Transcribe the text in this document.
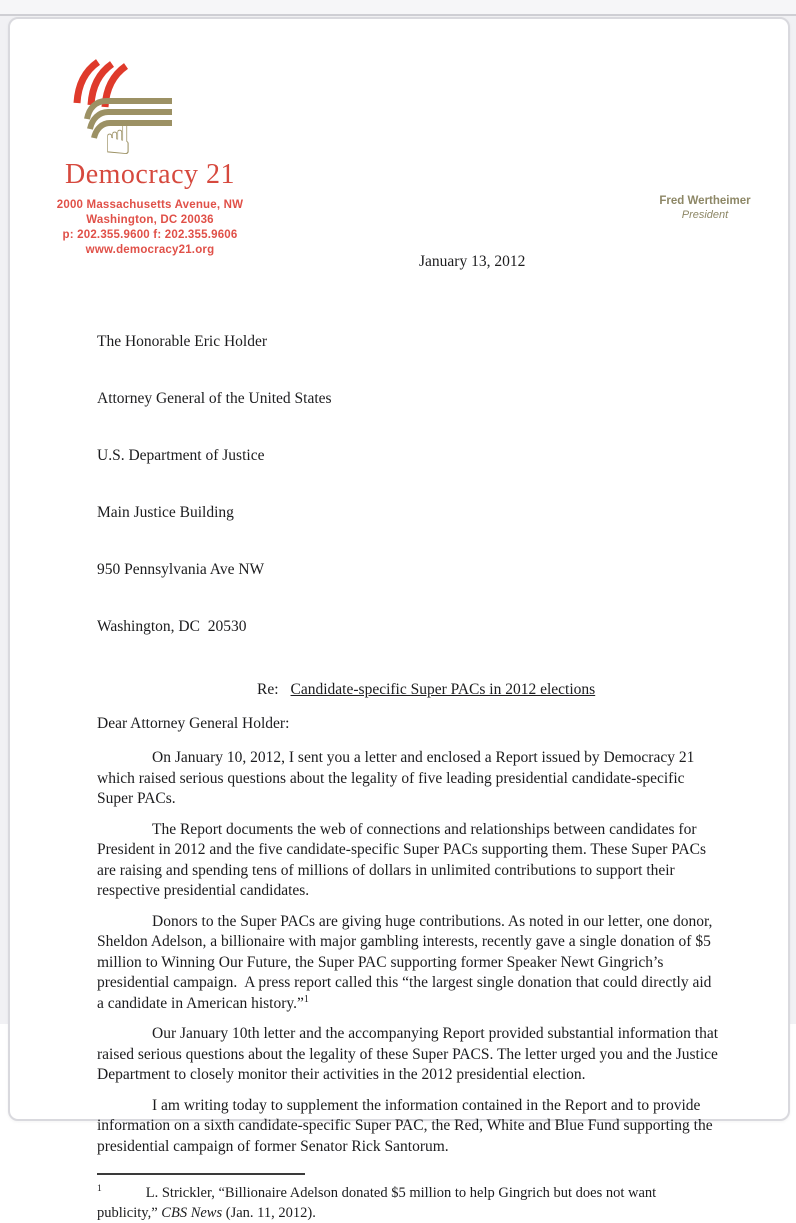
☝
Democracy 21
2000 Massachusetts Avenue, NW
Washington, DC 20036
p: 202.355.9600 f: 202.355.9606
www.democracy21.org
Fred Wertheimer
President
January 13, 2012

The Honorable Eric Holder

Attorney General of the United States

U.S. Department of Justice

Main Justice Building

950 Pennsylvania Ave NW

Washington, DC  20530

Re: Candidate-specific Super PACs in 2012 elections
Dear Attorney General Holder:

On January 10, 2012, I sent you a letter and enclosed a Report issued by Democracy 21 which raised serious questions about the legality of five leading presidential candidate-specific Super PACs.

The Report documents the web of connections and relationships between candidates for President in 2012 and the five candidate-specific Super PACs supporting them. These Super PACs are raising and spending tens of millions of dollars in unlimited contributions to support their respective presidential candidates.

Donors to the Super PACs are giving huge contributions. As noted in our letter, one donor, Sheldon Adelson, a billionaire with major gambling interests, recently gave a single donation of $5 million to Winning Our Future, the Super PAC supporting former Speaker Newt Gingrich’s presidential campaign.  A press report called this “the largest single donation that could directly aid a candidate in American history.”$^1$

Our January 10th letter and the accompanying Report provided substantial information that raised serious questions about the legality of these Super PACS. The letter urged you and the Justice Department to closely monitor their activities in the 2012 presidential election.

I am writing today to supplement the information contained in the Report and to provide information on a sixth candidate-specific Super PAC, the Red, White and Blue Fund supporting the presidential campaign of former Senator Rick Santorum.

$^1$	L. Strickler, “Billionaire Adelson donated $5 million to help Gingrich but does not want publicity,” CBS News (Jan. 11, 2012).
